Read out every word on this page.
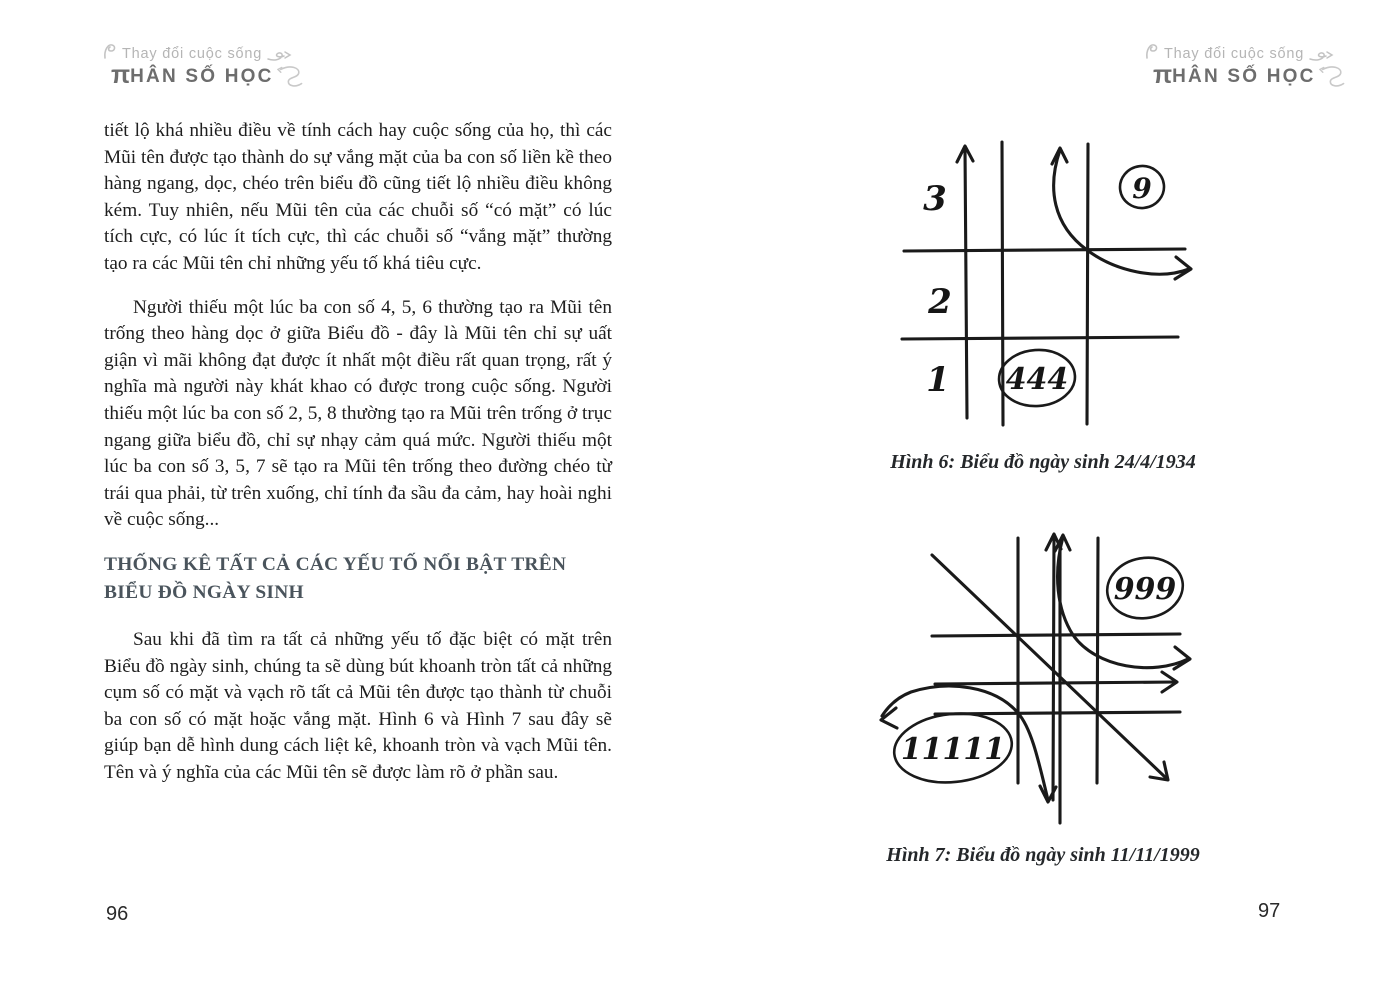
Thay đổi cuộc sống
πHÂN SỐ HỌC
Thay đổi cuộc sống
πHÂN SỐ HỌC

tiết lộ khá nhiều điều về tính cách hay cuộc sống của họ, thì các Mũi tên được tạo thành do sự vắng mặt của ba con số liền kề theo hàng ngang, dọc, chéo trên biểu đồ cũng tiết lộ nhiều điều không kém. Tuy nhiên, nếu Mũi tên của các chuỗi số “có mặt” có lúc tích cực, có lúc ít tích cực, thì các chuỗi số “vắng mặt” thường tạo ra các Mũi tên chỉ những yếu tố khá tiêu cực.

Người thiếu một lúc ba con số 4, 5, 6 thường tạo ra Mũi tên trống theo hàng dọc ở giữa Biểu đồ - đây là Mũi tên chỉ sự uất giận vì mãi không đạt được ít nhất một điều rất quan trọng, rất ý nghĩa mà người này khát khao có được trong cuộc sống. Người thiếu một lúc ba con số 2, 5, 8 thường tạo ra Mũi trên trống ở trục ngang giữa biểu đồ, chỉ sự nhạy cảm quá mức. Người thiếu một lúc ba con số 3, 5, 7 sẽ tạo ra Mũi tên trống theo đường chéo từ trái qua phải, từ trên xuống, chỉ tính đa sầu đa cảm, hay hoài nghi về cuộc sống...

THỐNG KÊ TẤT CẢ CÁC YẾU TỐ NỔI BẬT TRÊN BIỂU ĐỒ NGÀY SINH

Sau khi đã tìm ra tất cả những yếu tố đặc biệt có mặt trên Biểu đồ ngày sinh, chúng ta sẽ dùng bút khoanh tròn tất cả những cụm số có mặt và vạch rõ tất cả Mũi tên được tạo thành từ chuỗi ba con số có mặt hoặc vắng mặt. Hình 6 và Hình 7 sau đây sẽ giúp bạn dễ hình dung cách liệt kê, khoanh tròn và vạch Mũi tên. Tên và ý nghĩa của các Mũi tên sẽ được làm rõ ở phần sau.

3
2
1
9
444
Hình 6: Biểu đồ ngày sinh 24/4/1934
999
11111
Hình 7: Biểu đồ ngày sinh 11/11/1999
96	97
